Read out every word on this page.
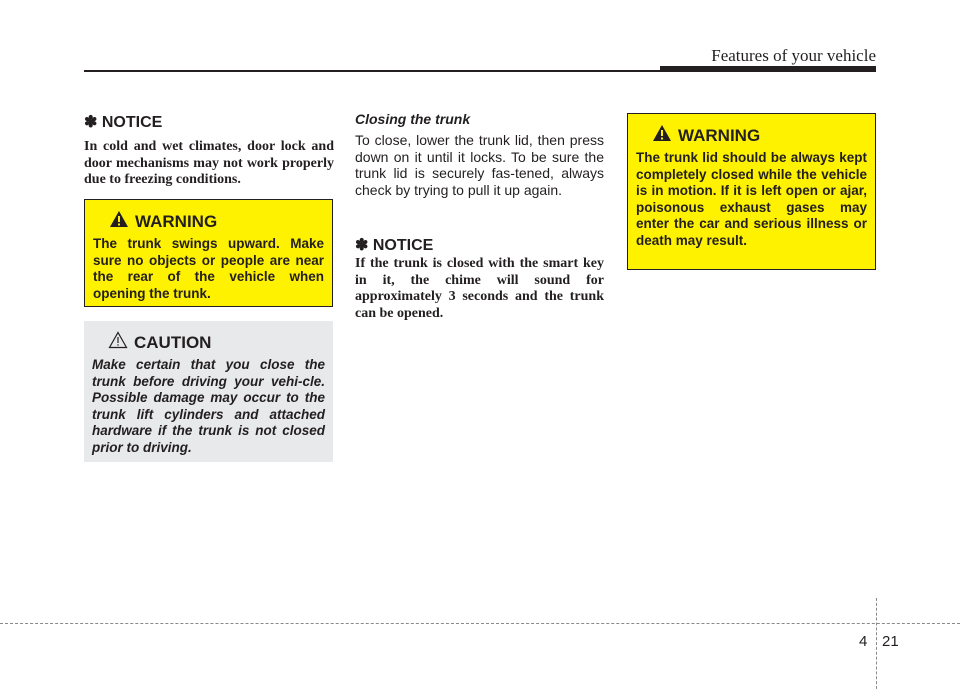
Features of your vehicle

✽ NOTICE

In cold and wet climates, door lock and door mechanisms may not work properly due to freezing conditions.

WARNING

The trunk swings upward. Make sure no objects or people are near the rear of the vehicle when opening the trunk.

CAUTION

Make certain that you close the trunk before driving your vehi-cle. Possible damage may occur to the trunk lift cylinders and attached hardware if the trunk is not closed prior to driving.

Closing the trunk

To close, lower the trunk lid, then press down on it until it locks. To be sure the trunk lid is securely fas-tened, always check by trying to pull it up again.

✽ NOTICE

If the trunk is closed with the smart key in it, the chime will sound for approximately 3 seconds and the trunk can be opened.

WARNING

The trunk lid should be always kept completely closed while the vehicle is in motion. If it is left open or ajar, poisonous exhaust gases may enter the car and serious illness or death may result.

4 21
